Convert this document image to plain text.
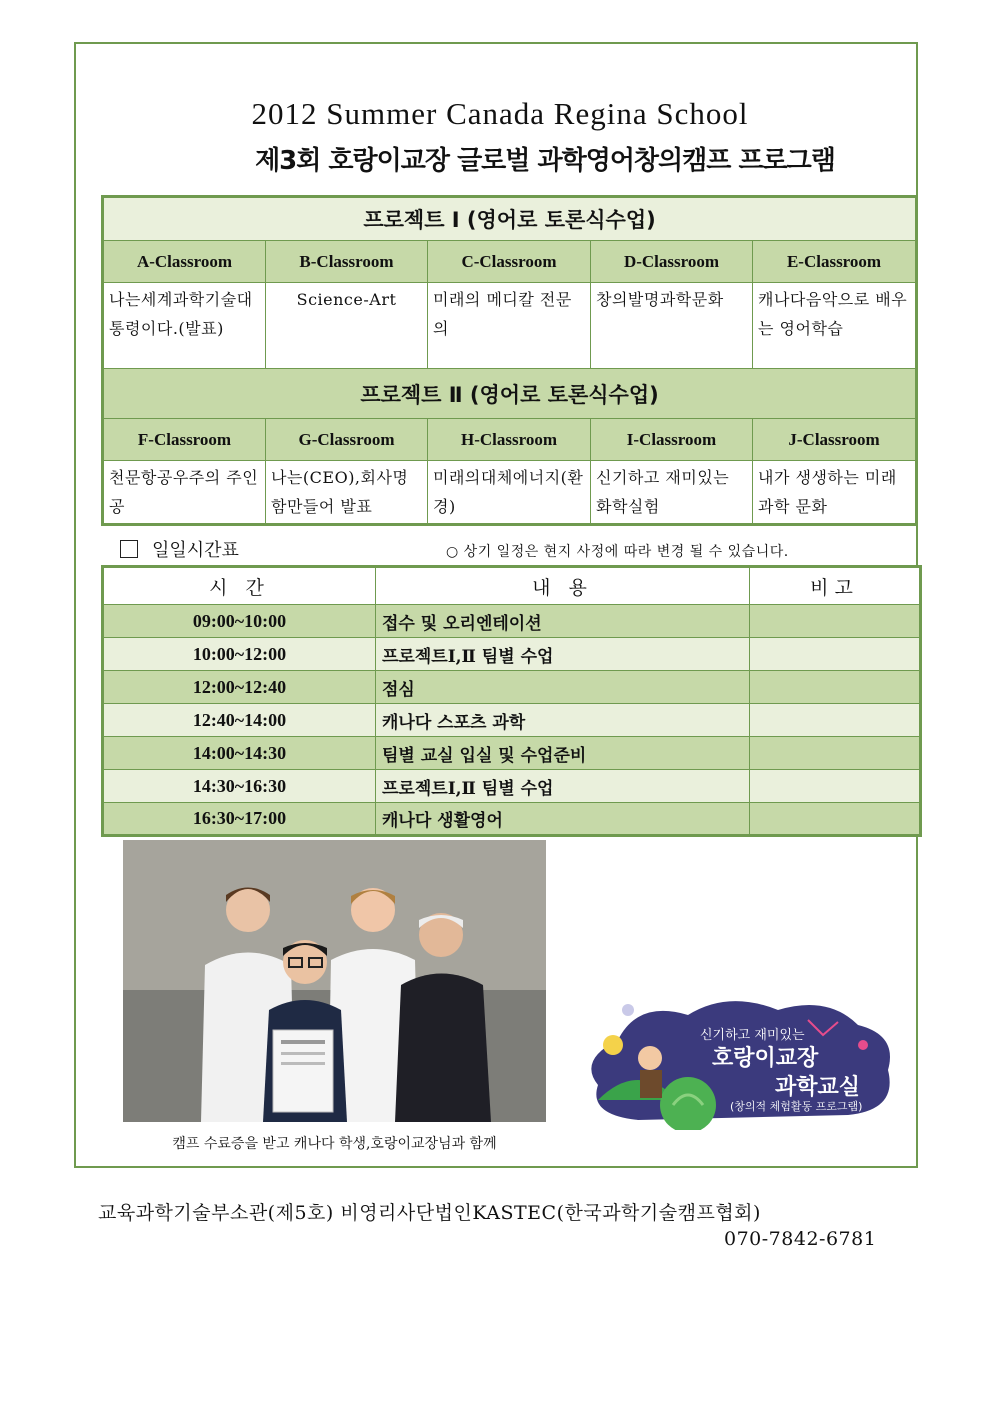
2012 Summer Canada Regina School
제3회 호랑이교장 글로벌 과학영어창의캠프 프로그램
프로젝트 Ⅰ (영어로 토론식수업)				
A-Classroom	B-Classroom	C-Classroom	D-Classroom	E-Classroom
나는세계과학기술대통령이다.(발표)	Science-Art	미래의 메디칼 전문의	창의발명과학문화	캐나다음악으로 배우는 영어학습
프로젝트 Ⅱ (영어로 토론식수업)				
F-Classroom	G-Classroom	H-Classroom	I-Classroom	J-Classroom
천문항공우주의 주인공	나는(CEO),회사명함만들어 발표	미래의대체에너지(환경)	신기하고 재미있는 화학실험	내가 생생하는 미래과학 문화
일일시간표	○ 상기 일정은 현지 사정에 따라 변경 될 수 있습니다.
시 간	내 용	비고
09:00~10:00	접수 및 오리엔테이션	
10:00~12:00	프로젝트Ⅰ,Ⅱ 팀별 수업	
12:00~12:40	점심	
12:40~14:00	캐나다 스포츠 과학	
14:00~14:30	팀별 교실 입실 및 수업준비	
14:30~16:30	프로젝트Ⅰ,Ⅱ 팀별 수업	
16:30~17:00	캐나다 생활영어	
캠프 수료증을 받고 캐나다 학생,호랑이교장님과 함께
신기하고 재미있는
호랑이교장
과학교실
(창의적 체험활동 프로그램)
교육과학기술부소관(제5호) 비영리사단법인KASTEC(한국과학기술캠프협회)
070-7842-6781
